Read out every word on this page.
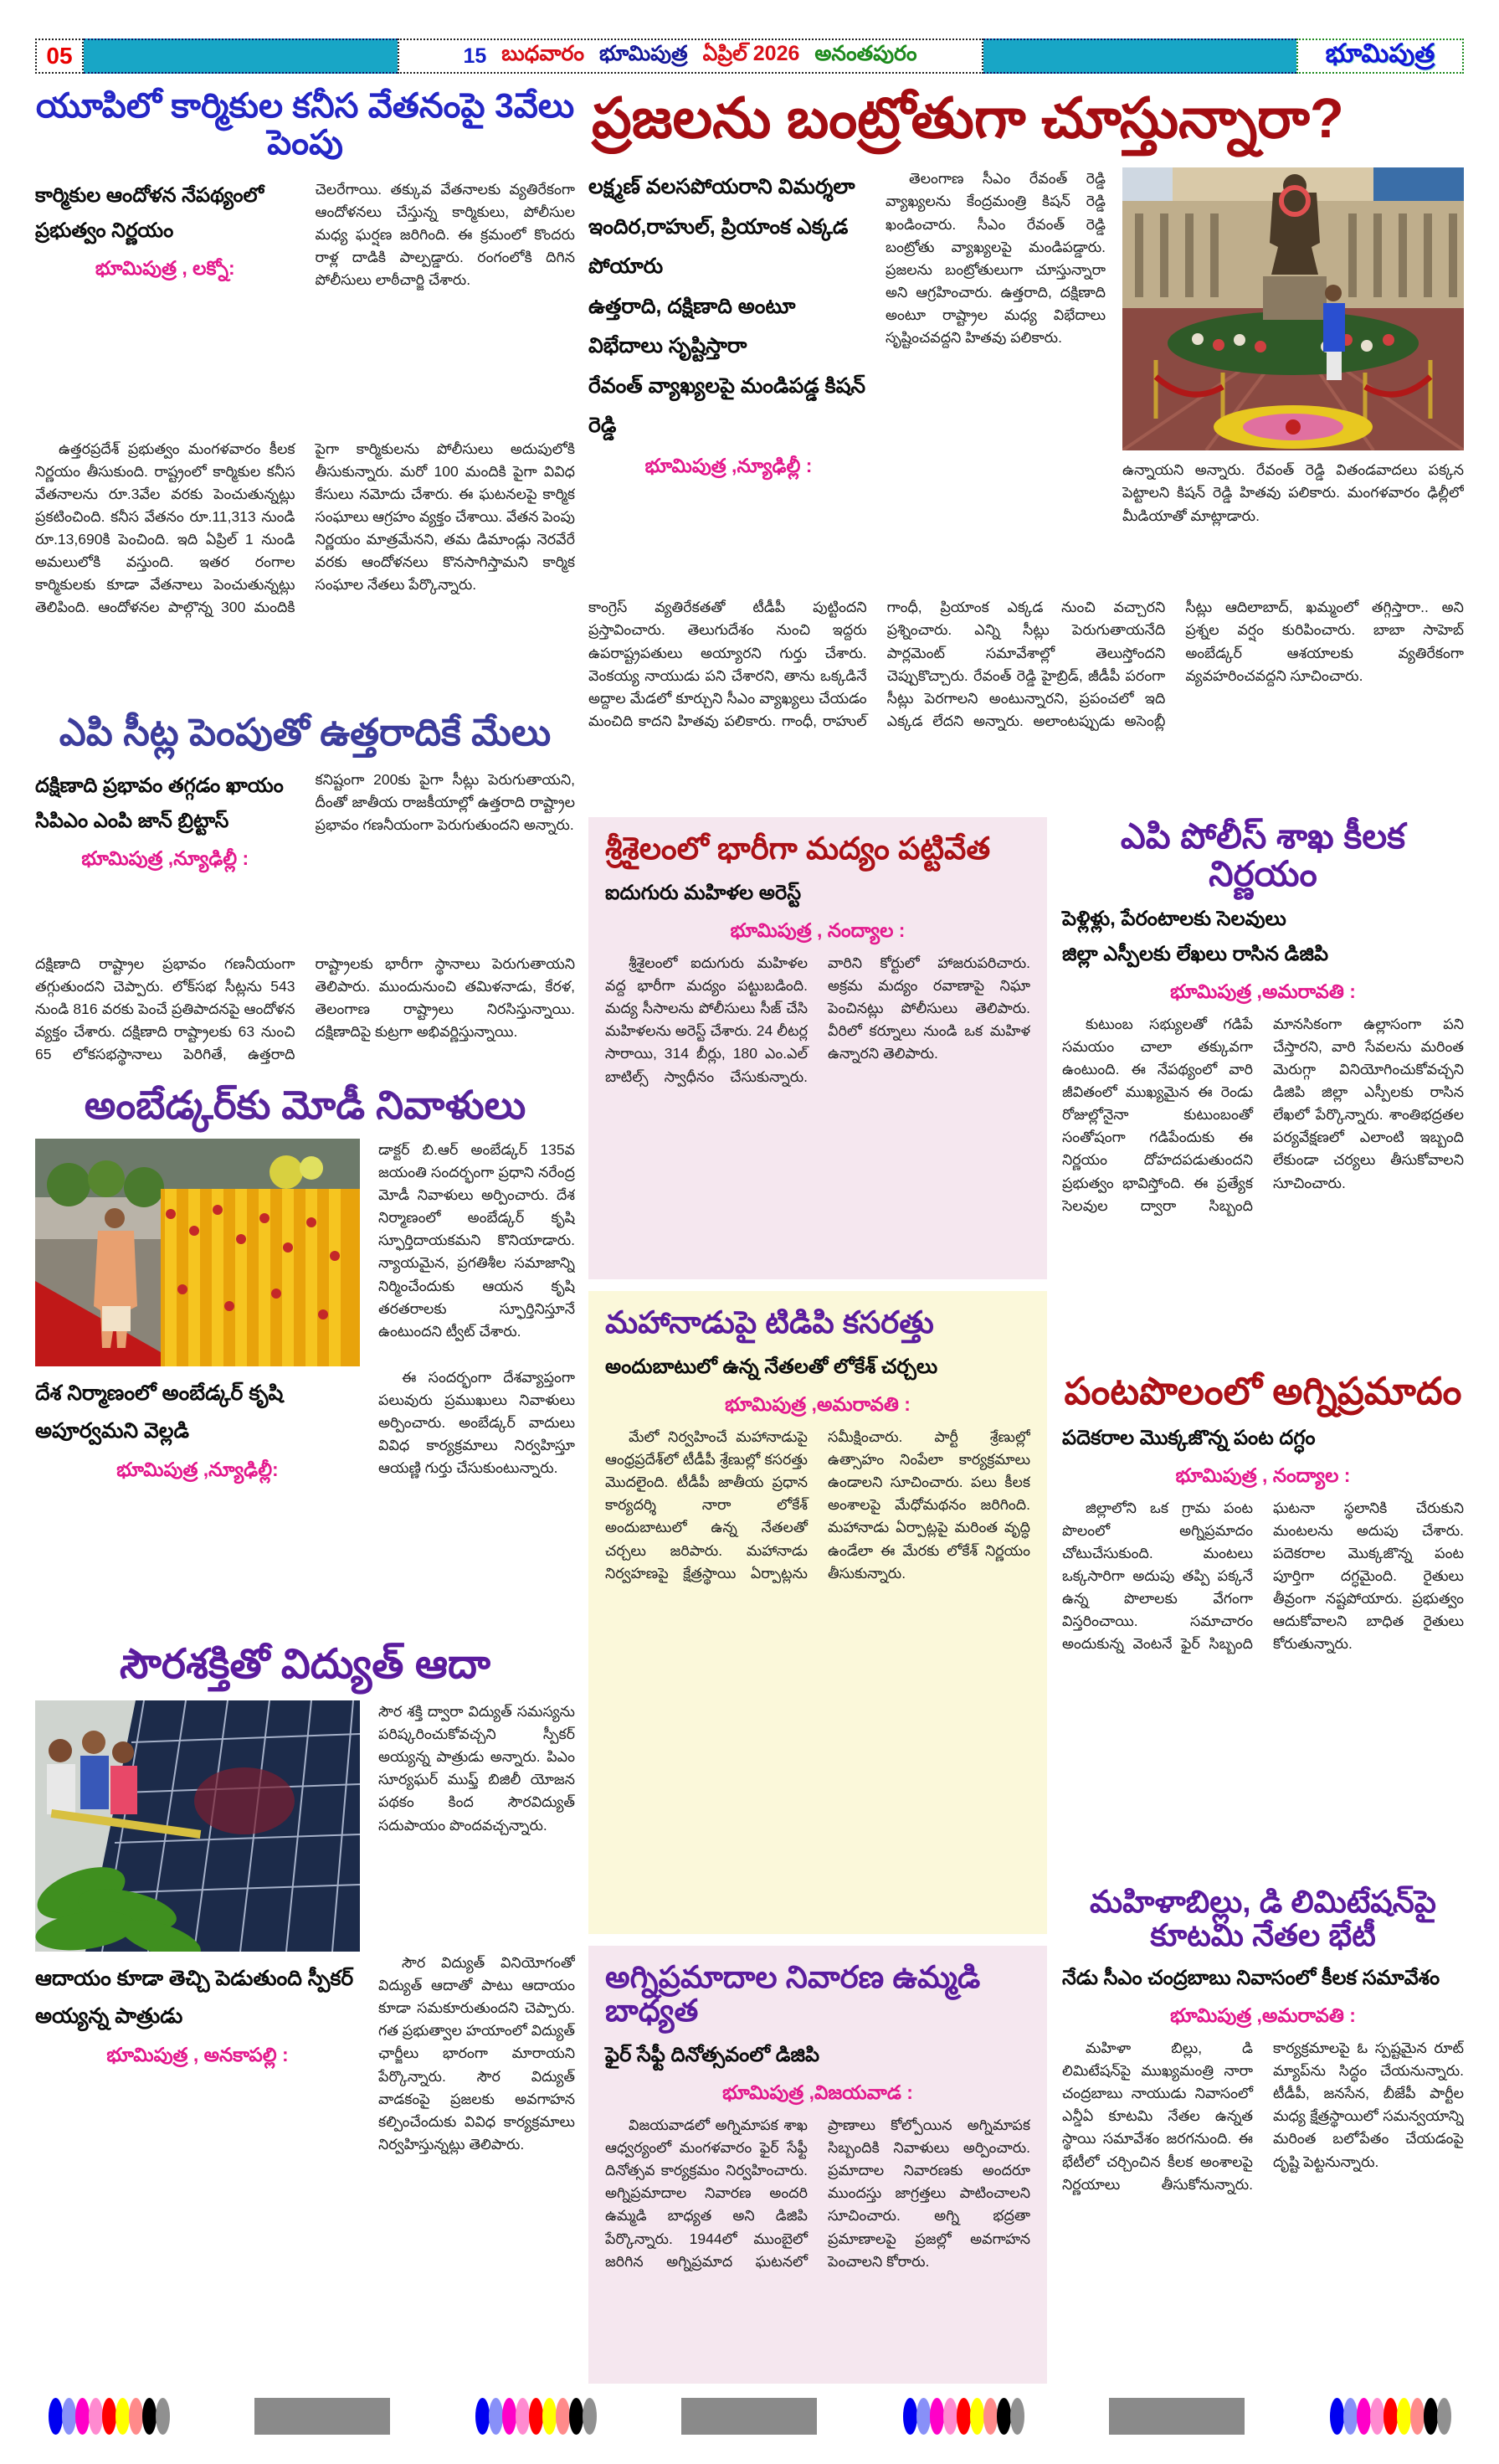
05	15 బుధవారం భూమిపుత్ర ఏప్రిల్ 2026 అనంతపురం	భూమిపుత్ర
యూపిలో కార్మికుల కనీస వేతనంపై 3వేలు పెంపు

కార్మికుల ఆందోళన నేపథ్యంలో ప్రభుత్వం నిర్ణయం

భూమిపుత్ర , లక్నో:

చెలరేగాయి. తక్కువ వేతనాలకు వ్యతిరేకంగా ఆందోళనలు చేస్తున్న కార్మికులు, పోలీసుల మధ్య ఘర్షణ జరిగింది. ఈ క్రమంలో కొందరు రాళ్ల దాడికి పాల్పడ్డారు. రంగంలోకి దిగిన పోలీసులు లాఠీచార్జి చేశారు.

ఉత్తరప్రదేశ్ ప్రభుత్వం మంగళవారం కీలక నిర్ణయం తీసుకుంది. రాష్ట్రంలో కార్మికుల కనీస వేతనాలను రూ.3వేల వరకు పెంచుతున్నట్లు ప్రకటించింది. కనీస వేతనం రూ.11,313 నుండి రూ.13,690కి పెంచింది. ఇది ఏప్రిల్ 1 నుండి అమలులోకి వస్తుంది. ఇతర రంగాల కార్మికులకు కూడా వేతనాలు పెంచుతున్నట్లు తెలిపింది. ఆందోళనల పాల్గొన్న 300 మందికి పైగా కార్మికులను పోలీసులు అదుపులోకి తీసుకున్నారు. మరో 100 మందికి పైగా వివిధ కేసులు నమోదు చేశారు. ఈ ఘటనలపై కార్మిక సంఘాలు ఆగ్రహం వ్యక్తం చేశాయి. వేతన పెంపు నిర్ణయం మాత్రమేనని, తమ డిమాండ్లు నెరవేరే వరకు ఆందోళనలు కొనసాగిస్తామని కార్మిక సంఘాల నేతలు పేర్కొన్నారు.

ఎపి సీట్ల పెంపుతో ఉత్తరాదికే మేలు

దక్షిణాది ప్రభావం తగ్గడం ఖాయం సిపిఎం ఎంపి జాన్ బ్రిట్టాస్

భూమిపుత్ర ,న్యూఢిల్లీ :

కనిష్టంగా 200కు పైగా సీట్లు పెరుగుతాయని, దీంతో జాతీయ రాజకీయాల్లో ఉత్తరాది రాష్ట్రాల ప్రభావం గణనీయంగా పెరుగుతుందని అన్నారు.

దక్షిణాది రాష్ట్రాల ప్రభావం గణనీయంగా తగ్గుతుందని చెప్పారు. లోక్‌సభ సీట్లను 543 నుండి 816 వరకు పెంచే ప్రతిపాదనపై ఆందోళన వ్యక్తం చేశారు. దక్షిణాది రాష్ట్రాలకు 63 నుంచి 65 లోకసభస్థానాలు పెరిగితే, ఉత్తరాది రాష్ట్రాలకు భారీగా స్థానాలు పెరుగుతాయని తెలిపారు. ముందునుంచి తమిళనాడు, కేరళ, తెలంగాణ రాష్ట్రాలు నిరసిస్తున్నాయి. దక్షిణాదిపై కుట్రగా అభివర్ణిస్తున్నాయి.

అంబేడ్కర్‌కు మోడీ నివాళులు

డాక్టర్ బి.ఆర్ అంబేడ్కర్ 135వ జయంతి సందర్భంగా ప్రధాని నరేంద్ర మోడీ నివాళులు అర్పించారు. దేశ నిర్మాణంలో అంబేడ్కర్ కృషి స్ఫూర్తిదాయకమని కొనియాడారు. న్యాయమైన, ప్రగతిశీల సమాజాన్ని నిర్మించేందుకు ఆయన కృషి తరతరాలకు స్ఫూర్తినిస్తూనే ఉంటుందని ట్వీట్ చేశారు.

దేశ నిర్మాణంలో అంబేడ్కర్ కృషి అపూర్వమని వెల్లడి

భూమిపుత్ర ,న్యూఢిల్లీ:

ఈ సందర్భంగా దేశవ్యాప్తంగా పలువురు ప్రముఖులు నివాళులు అర్పించారు. అంబేడ్కర్ వాదులు వివిధ కార్యక్రమాలు నిర్వహిస్తూ ఆయణ్ణి గుర్తు చేసుకుంటున్నారు.

సౌరశక్తితో విద్యుత్ ఆదా

సౌర శక్తి ద్వారా విద్యుత్ సమస్యను పరిష్కరించుకోవచ్చని స్పీకర్ అయ్యన్న పాత్రుడు అన్నారు. పిఎం సూర్యఘర్ ముఫ్త్ బిజిలీ యోజన పథకం కింద సౌరవిద్యుత్ సదుపాయం పొందవచ్చన్నారు.

ఆదాయం కూడా తెచ్చి పెడుతుంది స్పీకర్ అయ్యన్న పాత్రుడు

భూమిపుత్ర , అనకాపల్లి :

సౌర విద్యుత్ వినియోగంతో విద్యుత్ ఆదాతో పాటు ఆదాయం కూడా సమకూరుతుందని చెప్పారు. గత ప్రభుత్వాల హయాంలో విద్యుత్ ఛార్జీలు భారంగా మారాయని పేర్కొన్నారు. సౌర విద్యుత్ వాడకంపై ప్రజలకు అవగాహన కల్పించేందుకు వివిధ కార్యక్రమాలు నిర్వహిస్తున్నట్లు తెలిపారు.

ప్రజలను బంట్రోతుగా చూస్తున్నారా?

లక్ష్మణ్ వలసపోయరాని విమర్శలా

ఇందిర,రాహుల్, ప్రియాంక ఎక్కడ పోయారు

ఉత్తరాది, దక్షిణాది అంటూ విభేదాలు సృష్టిస్తారా

రేవంత్ వ్యాఖ్యలపై మండిపడ్డ కిషన్ రెడ్డి

భూమిపుత్ర ,న్యూఢిల్లీ :

తెలంగాణ సీఎం రేవంత్ రెడ్డి వ్యాఖ్యలను కేంద్రమంత్రి కిషన్ రెడ్డి ఖండించారు. సీఎం రేవంత్ రెడ్డి బంట్రోతు వ్యాఖ్యలపై మండిపడ్డారు. ప్రజలను బంట్రోతులుగా చూస్తున్నారా అని ఆగ్రహించారు. ఉత్తరాది, దక్షిణాది అంటూ రాష్ట్రాల మధ్య విభేదాలు సృష్టించవద్దని హితవు పలికారు.

ఉన్నాయని అన్నారు. రేవంత్ రెడ్డి వితండవాదలు పక్కన పెట్టాలని కిషన్ రెడ్డి హితవు పలికారు. మంగళవారం ఢిల్లీలో మీడియాతో మాట్లాడారు.

కాంగ్రెస్ వ్యతిరేకతతో టీడీపీ పుట్టిందని ప్రస్తావించారు. తెలుగుదేశం నుంచి ఇద్దరు ఉపరాష్ట్రపతులు అయ్యారని గుర్తు చేశారు. వెంకయ్య నాయుడు పని చేశారని, తాను ఒక్కడినే అద్దాల మేడలో కూర్చుని సీఎం వ్యాఖ్యలు చేయడం మంచిది కాదని హితవు పలికారు. గాంధీ, రాహుల్ గాంధీ, ప్రియాంక ఎక్కడ నుంచి వచ్చారని ప్రశ్నించారు. ఎన్ని సీట్లు పెరుగుతాయనేది పార్లమెంట్ సమావేశాల్లో తెలుస్తోందని చెప్పుకొచ్చారు. రేవంత్ రెడ్డి హైబ్రిడ్, జీడీపీ పరంగా సీట్లు పెరగాలని అంటున్నారని, ప్రపంచలో ఇది ఎక్కడ లేదని అన్నారు. అలాంటప్పుడు అసెంబ్లీ సీట్లు ఆదిలాబాద్, ఖమ్మంలో తగ్గిస్తారా.. అని ప్రశ్నల వర్షం కురిపించారు. బాబా సాహెబ్ అంబేడ్కర్ ఆశయాలకు వ్యతిరేకంగా వ్యవహరించవద్దని సూచించారు.

శ్రీశైలంలో భారీగా మద్యం పట్టివేత

ఐదుగురు మహిళల అరెస్ట్

భూమిపుత్ర , నంద్యాల :

శ్రీశైలంలో ఐదుగురు మహిళల వద్ద భారీగా మద్యం పట్టుబడింది. మద్య సీసాలను పోలీసులు సీజ్ చేసి మహిళలను అరెస్ట్ చేశారు. 24 లీటర్ల సారాయి, 314 బీర్లు, 180 ఎం.ఎల్ బాటిల్స్ స్వాధీనం చేసుకున్నారు. వారిని కోర్టులో హాజరుపరిచారు. అక్రమ మద్యం రవాణాపై నిఘా పెంచినట్లు పోలీసులు తెలిపారు. వీరిలో కర్నూలు నుండి ఒక మహిళ ఉన్నారని తెలిపారు.

మహానాడుపై టిడిపి కసరత్తు

అందుబాటులో ఉన్న నేతలతో లోకేశ్ చర్చలు

భూమిపుత్ర ,అమరావతి :

మేలో నిర్వహించే మహానాడుపై ఆంధ్రప్రదేశ్‌లో టీడీపీ శ్రేణుల్లో కసరత్తు మొదలైంది. టీడీపీ జాతీయ ప్రధాన కార్యదర్శి నారా లోకేశ్ అందుబాటులో ఉన్న నేతలతో చర్చలు జరిపారు. మహానాడు నిర్వహణపై క్షేత్రస్థాయి ఏర్పాట్లను సమీక్షించారు. పార్టీ శ్రేణుల్లో ఉత్సాహం నింపేలా కార్యక్రమాలు ఉండాలని సూచించారు. పలు కీలక అంశాలపై మేధోమథనం జరిగింది. మహానాడు ఏర్పాట్లపై మరింత వృద్ధి ఉండేలా ఈ మేరకు లోకేశ్ నిర్ణయం తీసుకున్నారు.

అగ్నిప్రమాదాల నివారణ ఉమ్మడి బాధ్యత

ఫైర్ సేఫ్టీ దినోత్సవంలో డిజిపి

భూమిపుత్ర ,విజయవాడ :

విజయవాడలో అగ్నిమాపక శాఖ ఆధ్వర్యంలో మంగళవారం ఫైర్ సేఫ్టీ దినోత్సవ కార్యక్రమం నిర్వహించారు. అగ్నిప్రమాదాల నివారణ అందరి ఉమ్మడి బాధ్యత అని డిజిపి పేర్కొన్నారు. 1944లో ముంబైలో జరిగిన అగ్నిప్రమాద ఘటనలో ప్రాణాలు కోల్పోయిన అగ్నిమాపక సిబ్బందికి నివాళులు అర్పించారు. ప్రమాదాల నివారణకు అందరూ ముందస్తు జాగ్రత్తలు పాటించాలని సూచించారు. అగ్ని భద్రతా ప్రమాణాలపై ప్రజల్లో అవగాహన పెంచాలని కోరారు.

ఎపి పోలీస్ శాఖ కీలక నిర్ణయం

పెళ్లిళ్లు, పేరంటాలకు సెలవులు

జిల్లా ఎస్పీలకు లేఖలు రాసిన డిజిపి

భూమిపుత్ర ,అమరావతి :

కుటుంబ సభ్యులతో గడిపే సమయం చాలా తక్కువగా ఉంటుంది. ఈ నేపథ్యంలో వారి జీవితంలో ముఖ్యమైన ఈ రెండు రోజుల్లోనైనా కుటుంబంతో సంతోషంగా గడిపేందుకు ఈ నిర్ణయం దోహదపడుతుందని ప్రభుత్వం భావిస్తోంది. ఈ ప్రత్యేక సెలవుల ద్వారా సిబ్బంది మానసికంగా ఉల్లాసంగా పని చేస్తారని, వారి సేవలను మరింత మెరుగ్గా వినియోగించుకోవచ్చని డిజిపి జిల్లా ఎస్పీలకు రాసిన లేఖలో పేర్కొన్నారు. శాంతిభద్రతల పర్యవేక్షణలో ఎలాంటి ఇబ్బంది లేకుండా చర్యలు తీసుకోవాలని సూచించారు.

పంటపొలంలో అగ్నిప్రమాదం

పదెకరాల మొక్కజొన్న పంట దగ్ధం

భూమిపుత్ర , నంద్యాల :

జిల్లాలోని ఒక గ్రామ పంట పొలంలో అగ్నిప్రమాదం చోటుచేసుకుంది. మంటలు ఒక్కసారిగా అదుపు తప్పి పక్కనే ఉన్న పొలాలకు వేగంగా విస్తరించాయి. సమాచారం అందుకున్న వెంటనే ఫైర్ సిబ్బంది ఘటనా స్థలానికి చేరుకుని మంటలను అదుపు చేశారు. పదెకరాల మొక్కజొన్న పంట పూర్తిగా దగ్ధమైంది. రైతులు తీవ్రంగా నష్టపోయారు. ప్రభుత్వం ఆదుకోవాలని బాధిత రైతులు కోరుతున్నారు.

మహిళాబిల్లు, డి లిమిటేషన్‌పై కూటమి నేతల భేటీ

నేడు సీఎం చంద్రబాబు నివాసంలో కీలక సమావేశం

భూమిపుత్ర ,అమరావతి :

మహిళా బిల్లు, డి లిమిటేషన్‌పై ముఖ్యమంత్రి నారా చంద్రబాబు నాయుడు నివాసంలో ఎన్డీఏ కూటమి నేతల ఉన్నత స్థాయి సమావేశం జరగనుంది. ఈ భేటీలో చర్చించిన కీలక అంశాలపై నిర్ణయాలు తీసుకోనున్నారు. కార్యక్రమాలపై ఓ స్పష్టమైన రూట్ మ్యాప్‌ను సిద్ధం చేయనున్నారు. టీడీపీ, జనసేన, బీజేపీ పార్టీల మధ్య క్షేత్రస్థాయిలో సమన్వయాన్ని మరింత బలోపేతం చేయడంపై దృష్టి పెట్టనున్నారు.
